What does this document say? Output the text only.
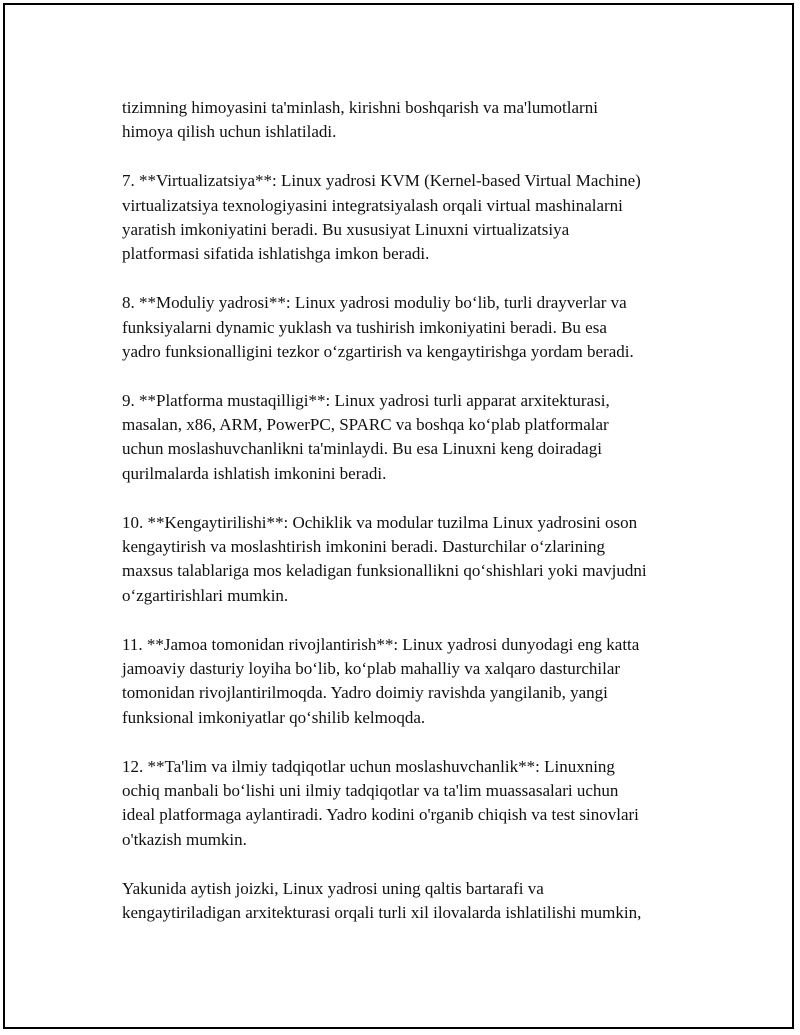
tizimning himoyasini ta'minlash, kirishni boshqarish va ma'lumotlarni
himoya qilish uchun ishlatiladi.

7. **Virtualizatsiya**: Linux yadrosi KVM (Kernel-based Virtual Machine)
virtualizatsiya texnologiyasini integratsiyalash orqali virtual mashinalarni
yaratish imkoniyatini beradi. Bu xususiyat Linuxni virtualizatsiya
platformasi sifatida ishlatishga imkon beradi.

8. **Moduliy yadrosi**: Linux yadrosi moduliy bo‘lib, turli drayverlar va
funksiyalarni dynamic yuklash va tushirish imkoniyatini beradi. Bu esa
yadro funksionalligini tezkor o‘zgartirish va kengaytirishga yordam beradi.

9. **Platforma mustaqilligi**: Linux yadrosi turli apparat arxitekturasi,
masalan, x86, ARM, PowerPC, SPARC va boshqa ko‘plab platformalar
uchun moslashuvchanlikni ta'minlaydi. Bu esa Linuxni keng doiradagi
qurilmalarda ishlatish imkonini beradi.

10. **Kengaytirilishi**: Ochiklik va modular tuzilma Linux yadrosini oson
kengaytirish va moslashtirish imkonini beradi. Dasturchilar o‘zlarining
maxsus talablariga mos keladigan funksionallikni qo‘shishlari yoki mavjudni
o‘zgartirishlari mumkin.

11. **Jamoa tomonidan rivojlantirish**: Linux yadrosi dunyodagi eng katta
jamoaviy dasturiy loyiha bo‘lib, ko‘plab mahalliy va xalqaro dasturchilar
tomonidan rivojlantirilmoqda. Yadro doimiy ravishda yangilanib, yangi
funksional imkoniyatlar qo‘shilib kelmoqda.

12. **Ta'lim va ilmiy tadqiqotlar uchun moslashuvchanlik**: Linuxning
ochiq manbali bo‘lishi uni ilmiy tadqiqotlar va ta'lim muassasalari uchun
ideal platformaga aylantiradi. Yadro kodini o'rganib chiqish va test sinovlari
o'tkazish mumkin.

Yakunida aytish joizki, Linux yadrosi uning qaltis bartarafi va
kengaytiriladigan arxitekturasi orqali turli xil ilovalarda ishlatilishi mumkin,
